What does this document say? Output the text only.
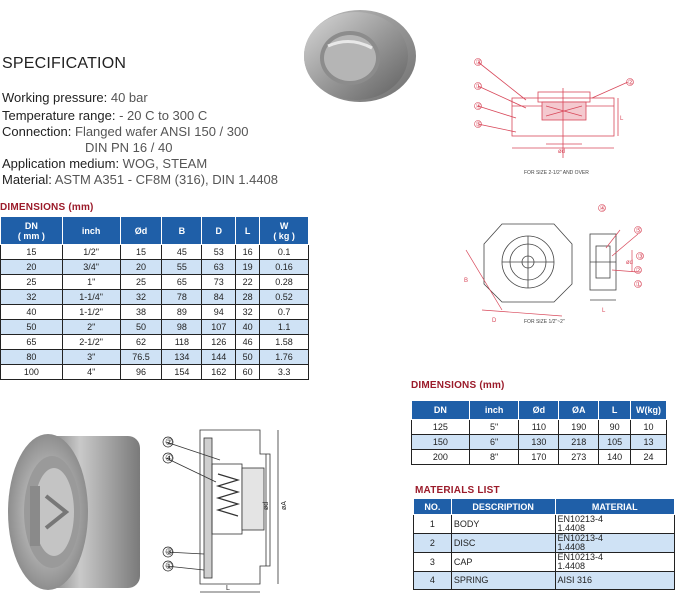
SPECIFICATION
Working pressure: 40 bar
Temperature range: - 20 C to 300 C
Connection: Flanged wafer ANSI 150 / 300
DIN PN 16 / 40
Application medium: WOG, STEAM
Material: ASTM A351 - CF8M (316), DIN 1.4408
DIMENSIONS (mm)
DN
( mm )	inch	Ød	B	D	L	W
( kg )
15	1/2"	15	45	53	16	0.1
20	3/4"	20	55	63	19	0.16
25	1"	25	65	73	22	0.28
32	1-1/4"	32	78	84	28	0.52
40	1-1/2"	38	89	94	32	0.7
50	2"	50	98	107	40	1.1
65	2-1/2"	62	118	126	46	1.58
80	3"	76.5	134	144	50	1.76
100	4"	96	154	162	60	3.3
③
①
④
⑤
②
ød
L
FOR SIZE 2-1/2" AND OVER
④
⑤
③
②
①
B
D
ød
L
FOR SIZE 1/2"~2"
DIMENSIONS (mm)
DN	inch	Ød	ØA	L	W(kg)
125	5"	110	190	90	10
150	6"	130	218	105	13
200	8"	170	273	140	24
MATERIALS LIST
NO.	DESCRIPTION	MATERIAL
1	BODY	EN10213-4
1.4408

2	DISC	EN10213-4
1.4408

3	CAP	EN10213-4
1.4408

4	SPRING	AISI 316
②
④
③
①
ød øA
L
